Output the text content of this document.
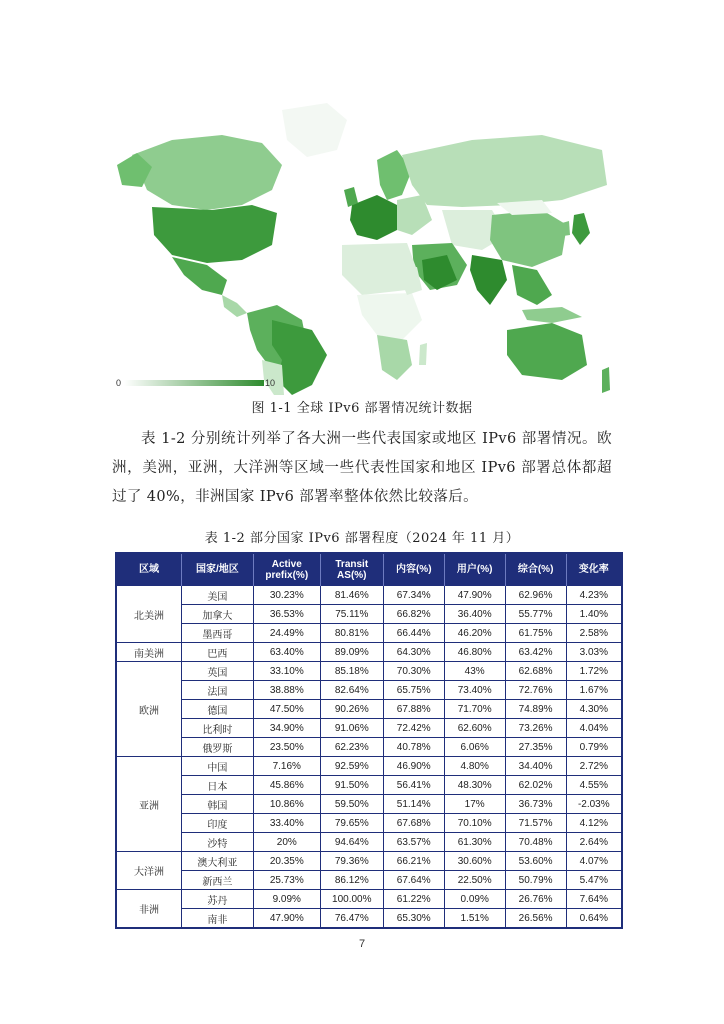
0	10
图 1-1 全球 IPv6 部署情况统计数据
表 1-2 分别统计列举了各大洲一些代表国家或地区 IPv6 部署情况。欧洲，美洲，亚洲，大洋洲等区域一些代表性国家和地区 IPv6 部署总体都超过了 40%，非洲国家 IPv6 部署率整体依然比较落后。
表 1-2 部分国家 IPv6 部署程度（2024 年 11 月）
区域	国家/地区	Active prefix(%)	Transit AS(%)	内容(%)	用户(%)	综合(%)	变化率
北美洲	美国	30.23%	81.46%	67.34%	47.90%	62.96%	4.23%
	加拿大	36.53%	75.11%	66.82%	36.40%	55.77%	1.40%
	墨西哥	24.49%	80.81%	66.44%	46.20%	61.75%	2.58%
南美洲	巴西	63.40%	89.09%	64.30%	46.80%	63.42%	3.03%
欧洲	英国	33.10%	85.18%	70.30%	43%	62.68%	1.72%
	法国	38.88%	82.64%	65.75%	73.40%	72.76%	1.67%
	德国	47.50%	90.26%	67.88%	71.70%	74.89%	4.30%
	比利时	34.90%	91.06%	72.42%	62.60%	73.26%	4.04%
	俄罗斯	23.50%	62.23%	40.78%	6.06%	27.35%	0.79%
亚洲	中国	7.16%	92.59%	46.90%	4.80%	34.40%	2.72%
	日本	45.86%	91.50%	56.41%	48.30%	62.02%	4.55%
	韩国	10.86%	59.50%	51.14%	17%	36.73%	-2.03%
	印度	33.40%	79.65%	67.68%	70.10%	71.57%	4.12%
	沙特	20%	94.64%	63.57%	61.30%	70.48%	2.64%
大洋洲	澳大利亚	20.35%	79.36%	66.21%	30.60%	53.60%	4.07%
	新西兰	25.73%	86.12%	67.64%	22.50%	50.79%	5.47%
非洲	苏丹	9.09%	100.00%	61.22%	0.09%	26.76%	7.64%
	南非	47.90%	76.47%	65.30%	1.51%	26.56%	0.64%
7
